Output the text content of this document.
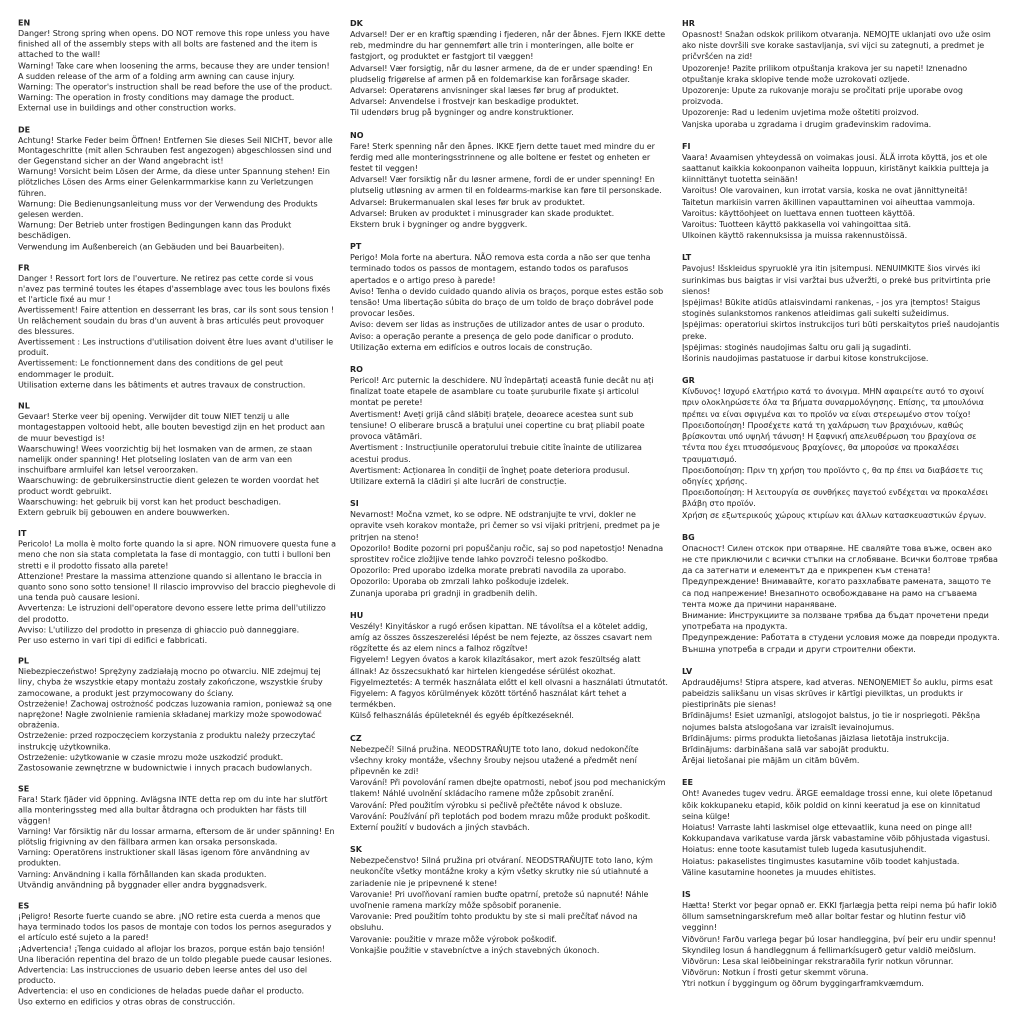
EN

Danger! Strong spring when opens. DO NOT remove this rope unless you have finished all of the assembly steps with all bolts are fastened and the item is attached to the wall!

Warning! Take care when loosening the arms, because they are under tension! A sudden release of the arm of a folding arm awning can cause injury.

Warning: The operator's instruction shall be read before the use of the product.

Warning: The operation in frosty conditions may damage the product.

External use in buildings and other construction works.

DE

Achtung! Starke Feder beim Öffnen! Entfernen Sie dieses Seil NICHT, bevor alle Montageschritte (mit allen Schrauben fest angezogen) abgeschlossen sind und der Gegenstand sicher an der Wand angebracht ist!

Warnung! Vorsicht beim Lösen der Arme, da diese unter Spannung stehen! Ein plötzliches Lösen des Arms einer Gelenkarmmarkise kann zu Verletzungen führen.

Warnung: Die Bedienungsanleitung muss vor der Verwendung des Produkts gelesen werden.

Warnung: Der Betrieb unter frostigen Bedingungen kann das Produkt beschädigen.

Verwendung im Außenbereich (an Gebäuden und bei Bauarbeiten).

FR

Danger ! Ressort fort lors de l'ouverture. Ne retirez pas cette corde si vous n'avez pas terminé toutes les étapes d'assemblage avec tous les boulons fixés et l'article fixé au mur !

Avertissement! Faire attention en desserrant les bras, car ils sont sous tension ! Un relâchement soudain du bras d'un auvent à bras articulés peut provoquer des blessures.

Avertissement : Les instructions d'utilisation doivent être lues avant d'utiliser le produit.

Avertissement: Le fonctionnement dans des conditions de gel peut endommager le produit.

Utilisation externe dans les bâtiments et autres travaux de construction.

NL

Gevaar! Sterke veer bij opening. Verwijder dit touw NIET tenzij u alle montagestappen voltooid hebt, alle bouten bevestigd zijn en het product aan de muur bevestigd is!

Waarschuwing! Wees voorzichtig bij het losmaken van de armen, ze staan namelijk onder spanning! Het plotseling loslaten van de arm van een inschuifbare armluifel kan letsel veroorzaken.

Waarschuwing: de gebruikersinstructie dient gelezen te worden voordat het product wordt gebruikt.

Waarschuwing: het gebruik bij vorst kan het product beschadigen.

Extern gebruik bij gebouwen en andere bouwwerken.

IT

Pericolo! La molla è molto forte quando la si apre. NON rimuovere questa fune a meno che non sia stata completata la fase di montaggio, con tutti i bulloni ben stretti e il prodotto fissato alla parete!

Attenzione! Prestare la massima attenzione quando si allentano le braccia in quanto sono sono sotto tensione! Il rilascio improvviso del braccio pieghevole di una tenda può causare lesioni.

Avvertenza: Le istruzioni dell'operatore devono essere lette prima dell'utilizzo del prodotto.

Avviso: L'utilizzo del prodotto in presenza di ghiaccio può danneggiare.

Per uso esterno in vari tipi di edifici e fabbricati.

PL

Niebezpieczeństwo! Sprężyny zadziałają mocno po otwarciu. NIE zdejmuj tej liny, chyba że wszystkie etapy montażu zostały zakończone, wszystkie śruby zamocowane, a produkt jest przymocowany do ściany.

Ostrzeżenie! Zachowaj ostrożność podczas luzowania ramion, ponieważ są one naprężone! Nagłe zwolnienie ramienia składanej markizy może spowodować obrażenia.

Ostrzeżenie: przed rozpoczęciem korzystania z produktu należy przeczytać instrukcję użytkownika.

Ostrzeżenie: użytkowanie w czasie mrozu może uszkodzić produkt.

Zastosowanie zewnętrzne w budownictwie i innych pracach budowlanych.

SE

Fara! Stark fjäder vid öppning. Avlägsna INTE detta rep om du inte har slutfört alla monteringssteg med alla bultar åtdragna och produkten har fästs till väggen!

Varning! Var försiktig när du lossar armarna, eftersom de är under spänning! En plötslig frigivning av den fällbara armen kan orsaka personskada.

Varning: Operatörens instruktioner skall läsas igenom före användning av produkten.

Varning: Användning i kalla förhållanden kan skada produkten.

Utvändig användning på byggnader eller andra byggnadsverk.

ES

¡Peligro! Resorte fuerte cuando se abre. ¡NO retire esta cuerda a menos que haya terminado todos los pasos de montaje con todos los pernos asegurados y el artículo esté sujeto a la pared!

¡Advertencia! ¡Tenga cuidado al aflojar los brazos, porque están bajo tensión! Una liberación repentina del brazo de un toldo plegable puede causar lesiones.

Advertencia: Las instrucciones de usuario deben leerse antes del uso del producto.

Advertencia: el uso en condiciones de heladas puede dañar el producto.

Uso externo en edificios y otras obras de construcción.

DK

Advarsel! Der er en kraftig spænding i fjederen, når der åbnes. Fjern IKKE dette reb, medmindre du har gennemført alle trin i monteringen, alle bolte er fastgjort, og produktet er fastgjort til væggen!

Advarsel! Vær forsigtig, når du løsner armene, da de er under spænding! En pludselig frigørelse af armen på en foldemarkise kan forårsage skader.

Advarsel: Operatørens anvisninger skal læses før brug af produktet.

Advarsel: Anvendelse i frostvejr kan beskadige produktet.

Til udendørs brug på bygninger og andre konstruktioner.

NO

Fare! Sterk spenning når den åpnes. IKKE fjern dette tauet med mindre du er ferdig med alle monteringsstrinnene og alle boltene er festet og enheten er festet til veggen!

Advarsel! Vær forsiktig når du løsner armene, fordi de er under spenning! En plutselig utløsning av armen til en foldearms-markise kan føre til personskade.

Advarsel: Brukermanualen skal leses før bruk av produktet.

Advarsel: Bruken av produktet i minusgrader kan skade produktet.

Ekstern bruk i bygninger og andre byggverk.

PT

Perigo! Mola forte na abertura. NÃO remova esta corda a não ser que tenha terminado todos os passos de montagem, estando todos os parafusos apertados e o artigo preso à parede!

Aviso! Tenha o devido cuidado quando alivia os braços, porque estes estão sob tensão! Uma libertação súbita do braço de um toldo de braço dobrável pode provocar lesões.

Aviso: devem ser lidas as instruções de utilizador antes de usar o produto.

Aviso: a operação perante a presença de gelo pode danificar o produto.

Utilização externa em edifícios e outros locais de construção.

RO

Pericol! Arc puternic la deschidere. NU îndepărtați această funie decât nu ați finalizat toate etapele de asamblare cu toate șuruburile fixate și articolul montat pe perete!

Avertisment! Aveți grijă când slăbiți brațele, deoarece acestea sunt sub tensiune! O eliberare bruscă a brațului unei copertine cu braț pliabil poate provoca vătămări.

Avertisment : Instrucțiunile operatorului trebuie citite înainte de utilizarea acestui produs.

Avertisment: Acționarea în condiții de îngheț poate deteriora produsul.

Utilizare externă la clădiri și alte lucrări de construcție.

SI

Nevarnost! Močna vzmet, ko se odpre. NE odstranjujte te vrvi, dokler ne opravite vseh korakov montaže, pri čemer so vsi vijaki pritrjeni, predmet pa je pritrjen na steno!

Opozorilo! Bodite pozorni pri popuščanju ročic, saj so pod napetostjo! Nenadna sprostitev ročice zložljive tende lahko povzroči telesno poškodbo.

Opozorilo: Pred uporabo izdelka morate prebrati navodila za uporabo.

Opozorilo: Uporaba ob zmrzali lahko poškoduje izdelek.

Zunanja uporaba pri gradnji in gradbenih delih.

HU

Veszély! Kinyitáskor a rugó erősen kipattan. NE távolítsa el a kötelet addig, amíg az összes összeszerelési lépést be nem fejezte, az összes csavart nem rögzítette és az elem nincs a falhoz rögzítve!

Figyelem! Legyen óvatos a karok kilazításakor, mert azok feszültség alatt állnak! Az összecsukható kar hirtelen kiengedése sérülést okozhat.

Figyelmeztetés: A termék használata előtt el kell olvasni a használati útmutatót.

Figyelem: A fagyos körülmények között történő használat kárt tehet a termékben.

Külső felhasználás épületeknél és egyéb építkezéseknél.

CZ

Nebezpečí! Silná pružina. NEODSTRAŇUJTE toto lano, dokud nedokončíte všechny kroky montáže, všechny šrouby nejsou utažené a předmět není připevněn ke zdi!

Varování! Při povolování ramen dbejte opatrnosti, neboť jsou pod mechanickým tlakem! Náhlé uvolnění skládacího ramene může způsobit zranění.

Varování: Před použitím výrobku si pečlivě přečtěte návod k obsluze.

Varování: Používání při teplotách pod bodem mrazu může produkt poškodit.

Externí použití v budovách a jiných stavbách.

SK

Nebezpečenstvo! Silná pružina pri otváraní. NEODSTRAŇUJTE toto lano, kým neukončíte všetky montážne kroky a kým všetky skrutky nie sú utiahnuté a zariadenie nie je pripevnené k stene!

Varovanie! Pri uvoľňovaní ramien buďte opatrní, pretože sú napnuté! Náhle uvoľnenie ramena markízy môže spôsobiť poranenie.

Varovanie: Pred použitím tohto produktu by ste si mali prečítať návod na obsluhu.

Varovanie: použitie v mraze môže výrobok poškodiť.

Vonkajšie použitie v stavebníctve a iných stavebných úkonoch.

HR

Opasnost! Snažan odskok prilikom otvaranja. NEMOJTE uklanjati ovo uže osim ako niste dovršili sve korake sastavljanja, svi vijci su zategnuti, a predmet je pričvršćen na zid!

Upozorenje! Pazite prilikom otpuštanja krakova jer su napeti! Iznenadno otpuštanje kraka sklopive tende može uzrokovati ozljede.

Upozorenje: Upute za rukovanje moraju se pročitati prije uporabe ovog proizvoda.

Upozorenje: Rad u ledenim uvjetima može oštetiti proizvod.

Vanjska uporaba u zgradama i drugim građevinskim radovima.

FI

Vaara! Avaamisen yhteydessä on voimakas jousi. ÄLÄ irrota köyttä, jos et ole saattanut kaikkia kokoonpanon vaiheita loppuun, kiristänyt kaikkia pultteja ja kiinnittänyt tuotetta seinään!

Varoitus! Ole varovainen, kun irrotat varsia, koska ne ovat jännittyneitä! Taitetun markiisin varren äkillinen vapauttaminen voi aiheuttaa vammoja.

Varoitus: käyttöohjeet on luettava ennen tuotteen käyttöä.

Varoitus: Tuotteen käyttö pakkasella voi vahingoittaa sitä.

Ulkoinen käyttö rakennuksissa ja muissa rakennustöissä.

LT

Pavojus! Išskleidus spyruoklė yra itin įsitempusi. NENUIMKITE šios virvės iki surinkimas bus baigtas ir visi varžtai bus užveržti, o prekė bus pritvirtinta prie sienos!

Įspėjimas! Būkite atidūs atlaisvindami rankenas, - jos yra įtemptos! Staigus stoginės sulankstomos rankenos atleidimas gali sukelti sužeidimus.

Įspėjimas: operatoriui skirtos instrukcijos turi būti perskaitytos prieš naudojantis preke.

Įspėjimas: stoginės naudojimas šaltu oru gali ją sugadinti.

Išorinis naudojimas pastatuose ir darbui kitose konstrukcijose.

GR

Κίνδυνος! Ισχυρό ελατήριο κατά το άνοιγμα. ΜΗΝ αφαιρείτε αυτό το σχοινί πριν ολοκληρώσετε όλα τα βήματα συναρμολόγησης. Επίσης, τα μπουλόνια πρέπει να είναι σφιγμένα και το προϊόν να είναι στερεωμένο στον τοίχο!

Προειδοποίηση! Προσέχετε κατά τη χαλάρωση των βραχιόνων, καθώς βρίσκονται υπό υψηλή τάνυση! Η ξαφνική απελευθέρωση του βραχίονα σε τέντα που έχει πτυσσόμενους βραχίονες, θα μπορούσε να προκαλέσει τραυματισμό.

Προειδοποίηση: Πριν τη χρήση του προϊόντο ς, θα πρ έπει να διαβάσετε τις οδηγίες χρήσης.

Προειδοποίηση: Η λειτουργία σε συνθήκες παγετού ενδέχεται να προκαλέσει βλάβη στο προϊόν.

Χρήση σε εξωτερικούς χώρους κτιρίων και άλλων κατασκευαστικών έργων.

BG

Опасност! Силен отскок при отваряне. НЕ сваляйте това въже, освен ако не сте приключили с всички стъпки на сглобяване. Всички болтове трябва да са затегнати и елементът да е прикрепен към стената!

Предупреждение! Внимавайте, когато разхлабвате рамената, защото те са под напрежение! Внезапното освобождаване на рамо на сгъваема тента може да причини нараняване.

Внимание: Инструкциите за ползване трябва да бъдат прочетени преди употребата на продукта.

Предупреждение: Работата в студени условия може да повреди продукта.

Външна употреба в сгради и други строителни обекти.

LV

Apdraudējums! Stipra atspere, kad atveras. NENOŅEMIET šo auklu, pirms esat pabeidzis salikšanu un visas skrūves ir kārtīgi pievilktas, un produkts ir piestiprināts pie sienas!

Brīdinājums! Esiet uzmanīgi, atslogojot balstus, jo tie ir nospriegoti. Pēkšņa nojumes balsta atslogošana var izraisīt ievainojumus.

Brīdinājums: pirms produkta lietošanas jāizlasa lietotāja instrukcija.

Brīdinājums: darbināšana salā var sabojāt produktu.

Ārējai lietošanai pie mājām un citām būvēm.

EE

Oht! Avanedes tugev vedru. ÄRGE eemaldage trossi enne, kui olete lõpetanud kõik kokkupaneku etapid, kõik poldid on kinni keeratud ja ese on kinnitatud seina külge!

Hoiatus! Varraste lahti laskmisel olge ettevaatlik, kuna need on pinge all! Kokkupandava varikatuse varda järsk vabastamine võib põhjustada vigastusi.

Hoiatus: enne toote kasutamist tuleb lugeda kasutusjuhendit.

Hoiatus: pakaselistes tingimustes kasutamine võib toodet kahjustada.

Väline kasutamine hoonetes ja muudes ehitistes.

IS

Hætta! Sterkt vor þegar opnað er. EKKI fjarlægja þetta reipi nema þú hafir lokið öllum samsetningarskrefum með allar boltar festar og hlutinn festur við vegginn!

Viðvörun! Farðu varlega þegar þú losar handleggina, því þeir eru undir spennu! Skyndileg losun á handleggnum á fellimarkísugerð getur valdið meiðslum.

Viðvörun: Lesa skal leiðbeiningar rekstraraðila fyrir notkun vörunnar.

Viðvörun: Notkun í frosti getur skemmt vöruna.

Ytri notkun í byggingum og öðrum byggingarframkvæmdum.
